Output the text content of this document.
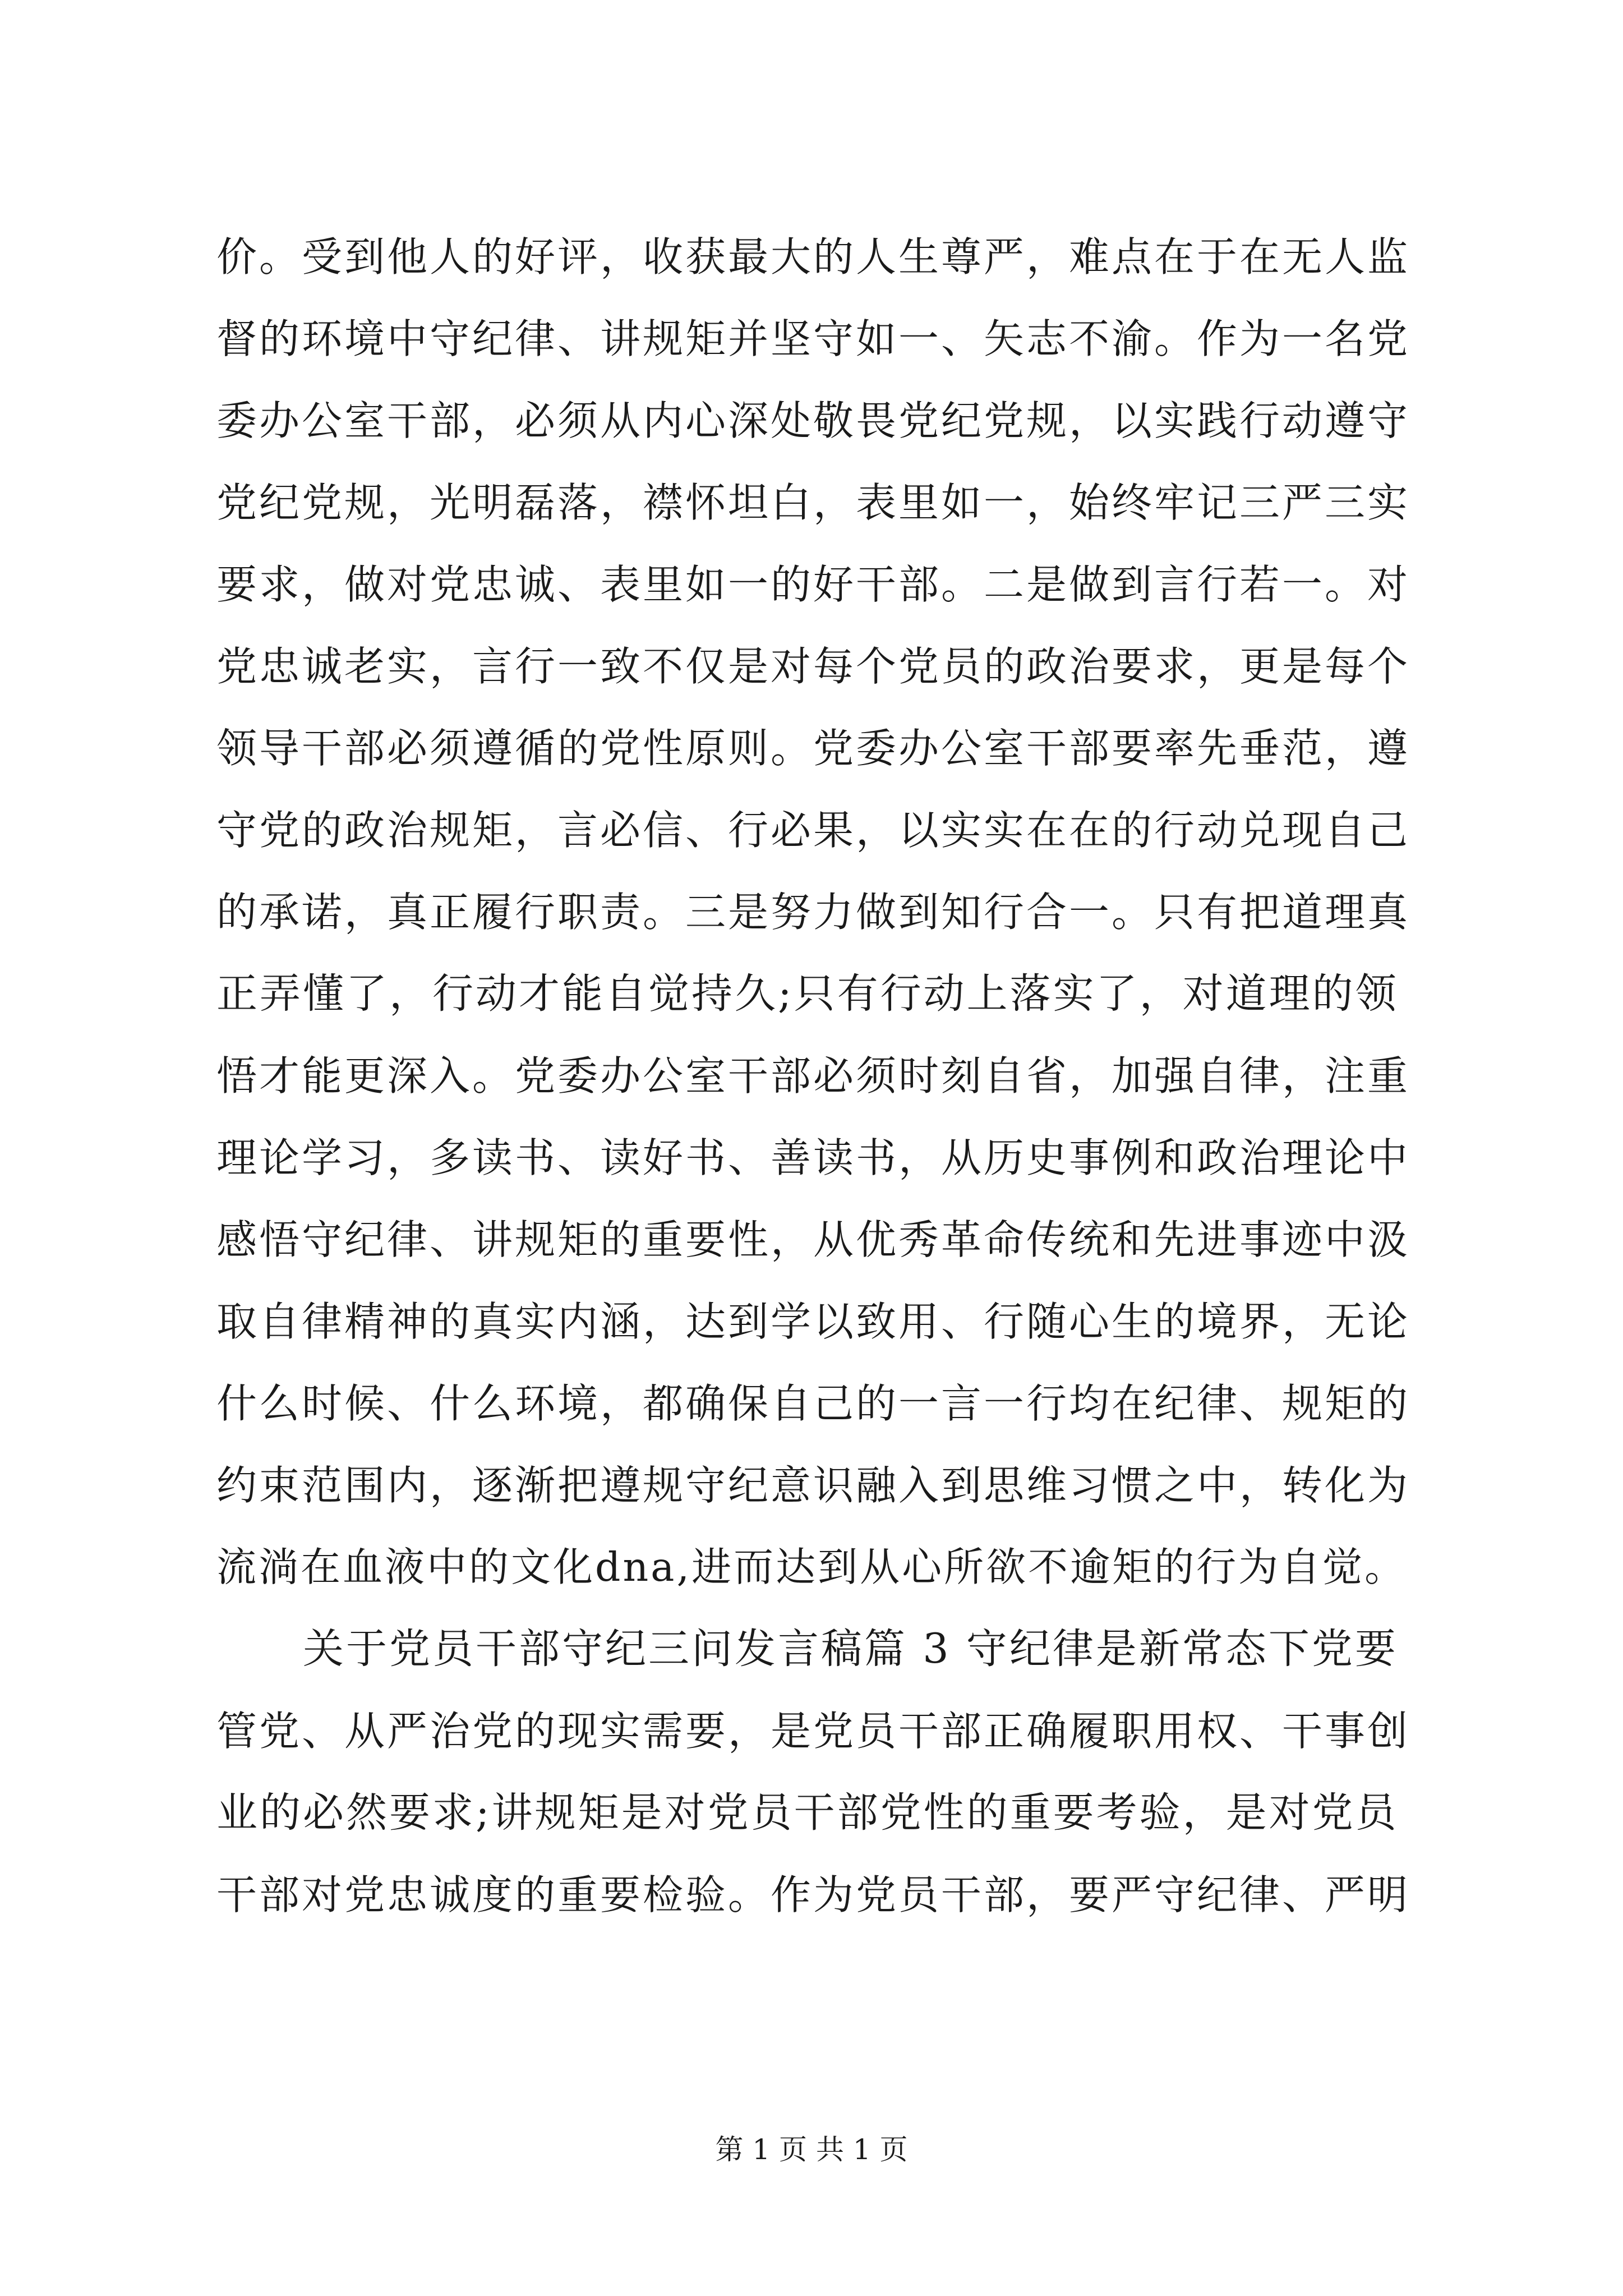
价。受到他人的好评，收获最大的人生尊严，难点在于在无人监
督的环境中守纪律、讲规矩并坚守如一、矢志不渝。作为一名党
委办公室干部，必须从内心深处敬畏党纪党规，以实践行动遵守
党纪党规，光明磊落，襟怀坦白，表里如一，始终牢记三严三实
要求，做对党忠诚、表里如一的好干部。二是做到言行若一。对
党忠诚老实，言行一致不仅是对每个党员的政治要求，更是每个
领导干部必须遵循的党性原则。党委办公室干部要率先垂范，遵
守党的政治规矩，言必信、行必果，以实实在在的行动兑现自己
的承诺，真正履行职责。三是努力做到知行合一。只有把道理真
正弄懂了，行动才能自觉持久;只有行动上落实了，对道理的领
悟才能更深入。党委办公室干部必须时刻自省，加强自律，注重
理论学习，多读书、读好书、善读书，从历史事例和政治理论中
感悟守纪律、讲规矩的重要性，从优秀革命传统和先进事迹中汲
取自律精神的真实内涵，达到学以致用、行随心生的境界，无论
什么时候、什么环境，都确保自己的一言一行均在纪律、规矩的
约束范围内，逐渐把遵规守纪意识融入到思维习惯之中，转化为
流淌在血液中的文化dna,进而达到从心所欲不逾矩的行为自觉。
　　关于党员干部守纪三问发言稿篇 3 守纪律是新常态下党要
管党、从严治党的现实需要，是党员干部正确履职用权、干事创
业的必然要求;讲规矩是对党员干部党性的重要考验，是对党员
干部对党忠诚度的重要检验。作为党员干部，要严守纪律、严明
第 1 页 共 1 页
